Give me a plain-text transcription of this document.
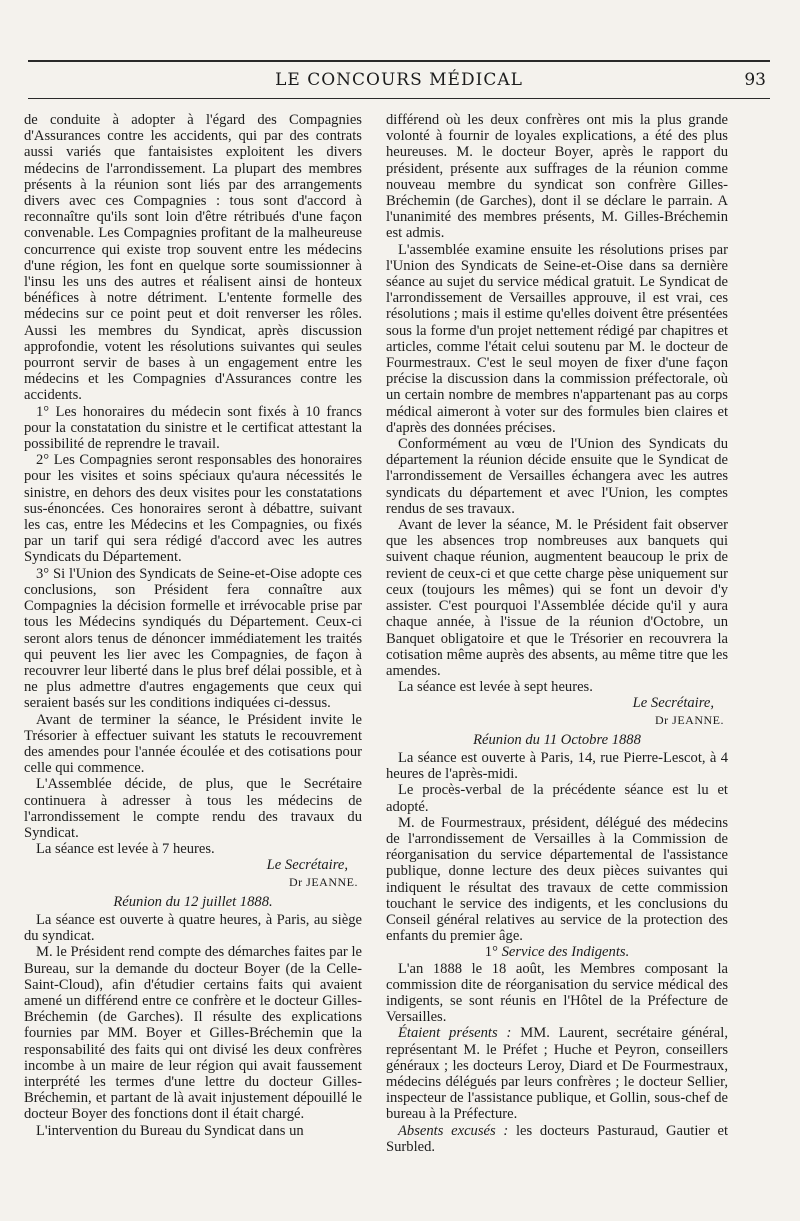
LE CONCOURS MÉDICAL	93

de conduite à adopter à l'égard des Compagnies d'Assurances contre les accidents, qui par des contrats aussi variés que fantaisistes exploitent les divers médecins de l'arrondissement. La plupart des membres présents à la réunion sont liés par des arrangements divers avec ces Compagnies : tous sont d'accord à reconnaître qu'ils sont loin d'être rétribués d'une façon convenable. Les Compagnies profitant de la malheureuse concurrence qui existe trop souvent entre les médecins d'une région, les font en quelque sorte soumissionner à l'insu les uns des autres et réalisent ainsi de honteux bénéfices à notre détriment. L'entente formelle des médecins sur ce point peut et doit renverser les rôles. Aussi les membres du Syndicat, après discussion approfondie, votent les résolutions suivantes qui seules pourront servir de bases à un engagement entre les médecins et les Compagnies d'Assurances contre les accidents.

1° Les honoraires du médecin sont fixés à 10 francs pour la constatation du sinistre et le certificat attestant la possibilité de reprendre le travail.

2° Les Compagnies seront responsables des honoraires pour les visites et soins spéciaux qu'aura nécessités le sinistre, en dehors des deux visites pour les constatations sus-énoncées. Ces honoraires seront à débattre, suivant les cas, entre les Médecins et les Compagnies, ou fixés par un tarif qui sera rédigé d'accord avec les autres Syndicats du Département.

3° Si l'Union des Syndicats de Seine-et-Oise adopte ces conclusions, son Président fera connaître aux Compagnies la décision formelle et irrévocable prise par tous les Médecins syndiqués du Département. Ceux-ci seront alors tenus de dénoncer immédiatement les traités qui peuvent les lier avec les Compagnies, de façon à recouvrer leur liberté dans le plus bref délai possible, et à ne plus admettre d'autres engagements que ceux qui seraient basés sur les conditions indiquées ci-dessus.

Avant de terminer la séance, le Président invite le Trésorier à effectuer suivant les statuts le recouvrement des amendes pour l'année écoulée et des cotisations pour celle qui commence.

L'Assemblée décide, de plus, que le Secrétaire continuera à adresser à tous les médecins de l'arrondissement le compte rendu des travaux du Syndicat.

La séance est levée à 7 heures.

Le Secrétaire,

Dr JEANNE.

Réunion du 12 juillet 1888.

La séance est ouverte à quatre heures, à Paris, au siège du syndicat.

M. le Président rend compte des démarches faites par le Bureau, sur la demande du docteur Boyer (de la Celle-Saint-Cloud), afin d'étudier certains faits qui avaient amené un différend entre ce confrère et le docteur Gilles-Bréchemin (de Garches). Il résulte des explications fournies par MM. Boyer et Gilles-Bréchemin que la responsabilité des faits qui ont divisé les deux confrères incombe à un maire de leur région qui avait faussement interprété les termes d'une lettre du docteur Gilles-Bréchemin, et partant de là avait injustement dépouillé le docteur Boyer des fonctions dont il était chargé.

L'intervention du Bureau du Syndicat dans un

différend où les deux confrères ont mis la plus grande volonté à fournir de loyales explications, a été des plus heureuses. M. le docteur Boyer, après le rapport du président, présente aux suffrages de la réunion comme nouveau membre du syndicat son confrère Gilles-Bréchemin (de Garches), dont il se déclare le parrain. A l'unanimité des membres présents, M. Gilles-Bréchemin est admis.

L'assemblée examine ensuite les résolutions prises par l'Union des Syndicats de Seine-et-Oise dans sa dernière séance au sujet du service médical gratuit. Le Syndicat de l'arrondissement de Versailles approuve, il est vrai, ces résolutions ; mais il estime qu'elles doivent être présentées sous la forme d'un projet nettement rédigé par chapitres et articles, comme l'était celui soutenu par M. le docteur de Fourmestraux. C'est le seul moyen de fixer d'une façon précise la discussion dans la commission préfectorale, où un certain nombre de membres n'appartenant pas au corps médical aimeront à voter sur des formules bien claires et d'après des données précises.

Conformément au vœu de l'Union des Syndicats du département la réunion décide ensuite que le Syndicat de l'arrondissement de Versailles échangera avec les autres syndicats du département et avec l'Union, les comptes rendus de ses travaux.

Avant de lever la séance, M. le Président fait observer que les absences trop nombreuses aux banquets qui suivent chaque réunion, augmentent beaucoup le prix de revient de ceux-ci et que cette charge pèse uniquement sur ceux (toujours les mêmes) qui se font un devoir d'y assister. C'est pourquoi l'Assemblée décide qu'il y aura chaque année, à l'issue de la réunion d'Octobre, un Banquet obligatoire et que le Trésorier en recouvrera la cotisation même auprès des absents, au même titre que les amendes.

La séance est levée à sept heures.

Le Secrétaire,

Dr JEANNE.

Réunion du 11 Octobre 1888

La séance est ouverte à Paris, 14, rue Pierre-Lescot, à 4 heures de l'après-midi.

Le procès-verbal de la précédente séance est lu et adopté.

M. de Fourmestraux, président, délégué des médecins de l'arrondissement de Versailles à la Commission de réorganisation du service départemental de l'assistance publique, donne lecture des deux pièces suivantes qui indiquent le résultat des travaux de cette commission touchant le service des indigents, et les conclusions du Conseil général relatives au service de la protection des enfants du premier âge.

1° Service des Indigents.

L'an 1888 le 18 août, les Membres composant la commission dite de réorganisation du service médical des indigents, se sont réunis en l'Hôtel de la Préfecture de Versailles.

Étaient présents : MM. Laurent, secrétaire général, représentant M. le Préfet ; Huche et Peyron, conseillers généraux ; les docteurs Leroy, Diard et De Fourmestraux, médecins délégués par leurs confrères ; le docteur Sellier, inspecteur de l'assistance publique, et Gollin, sous-chef de bureau à la Préfecture.

Absents excusés : les docteurs Pasturaud, Gautier et Surbled.
